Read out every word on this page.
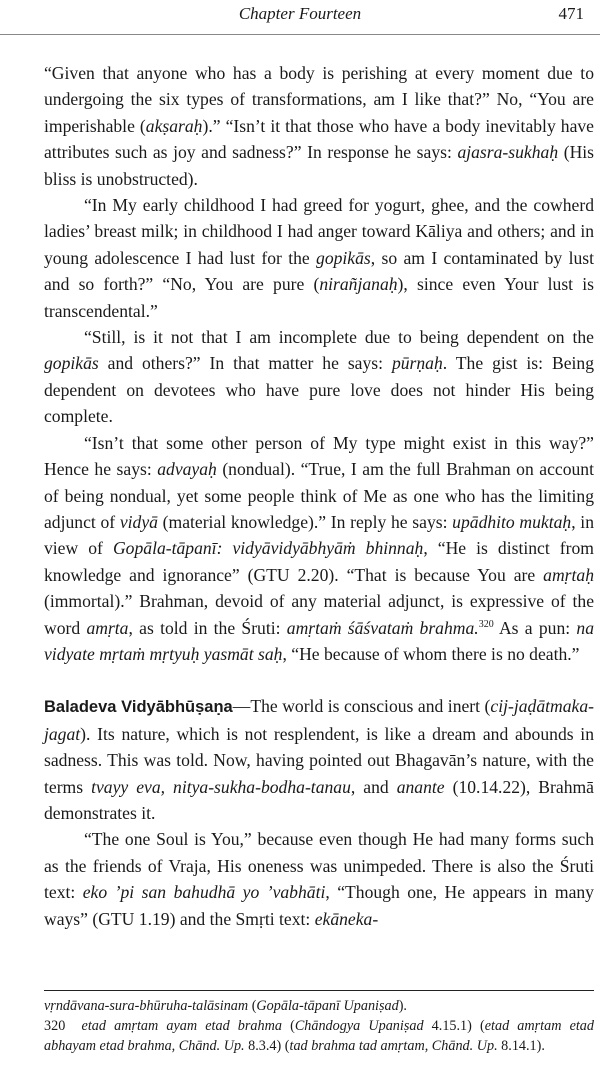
Chapter Fourteen	471

“Given that anyone who has a body is perishing at every moment due to undergoing the six types of transformations, am I like that?” No, “You are imperishable (akṣaraḥ).” “Isn’t it that those who have a body inevitably have attributes such as joy and sadness?” In response he says: ajasra-sukhaḥ (His bliss is unobstructed).

“In My early childhood I had greed for yogurt, ghee, and the cowherd ladies’ breast milk; in childhood I had anger toward Kāliya and others; and in young adolescence I had lust for the gopikās, so am I contaminated by lust and so forth?” “No, You are pure (nirañjanaḥ), since even Your lust is transcendental.”

“Still, is it not that I am incomplete due to being dependent on the gopikās and others?” In that matter he says: pūrṇaḥ. The gist is: Being dependent on devotees who have pure love does not hinder His being complete.

“Isn’t that some other person of My type might exist in this way?” Hence he says: advayaḥ (nondual). “True, I am the full Brahman on account of being nondual, yet some people think of Me as one who has the limiting adjunct of vidyā (material knowledge).” In reply he says: upādhito muktaḥ, in view of Gopāla-tāpanī: vidyāvidyābhyāṁ bhinnaḥ, “He is distinct from knowledge and ignorance” (GTU 2.20). “That is because You are amṛtaḥ (immortal).” Brahman, devoid of any material adjunct, is expressive of the word amṛta, as told in the Śruti: amṛtaṁ śāśvataṁ brahma.$^{320}$ As a pun: na vidyate mṛtaṁ mṛtyuḥ yasmāt saḥ, “He because of whom there is no death.”

Baladeva Vidyābhūṣaṇa—The world is conscious and inert (cij-jaḍātmaka-jagat). Its nature, which is not resplendent, is like a dream and abounds in sadness. This was told. Now, having pointed out Bhagavān’s nature, with the terms tvayy eva, nitya-sukha-bodha-tanau, and anante (10.14.22), Brahmā demonstrates it.

“The one Soul is You,” because even though He had many forms such as the friends of Vraja, His oneness was unimpeded. There is also the Śruti text: eko ’pi san bahudhā yo ’vabhāti, “Though one, He appears in many ways” (GTU 1.19) and the Smṛti text: ekāneka-

vṛndāvana-sura-bhūruha-talāsinam (Gopāla-tāpanī Upaniṣad).

320  etad amṛtam ayam etad brahma (Chāndogya Upaniṣad 4.15.1) (etad amṛtam etad abhayam etad brahma, Chānd. Up. 8.3.4) (tad brahma tad amṛtam, Chānd. Up. 8.14.1).
